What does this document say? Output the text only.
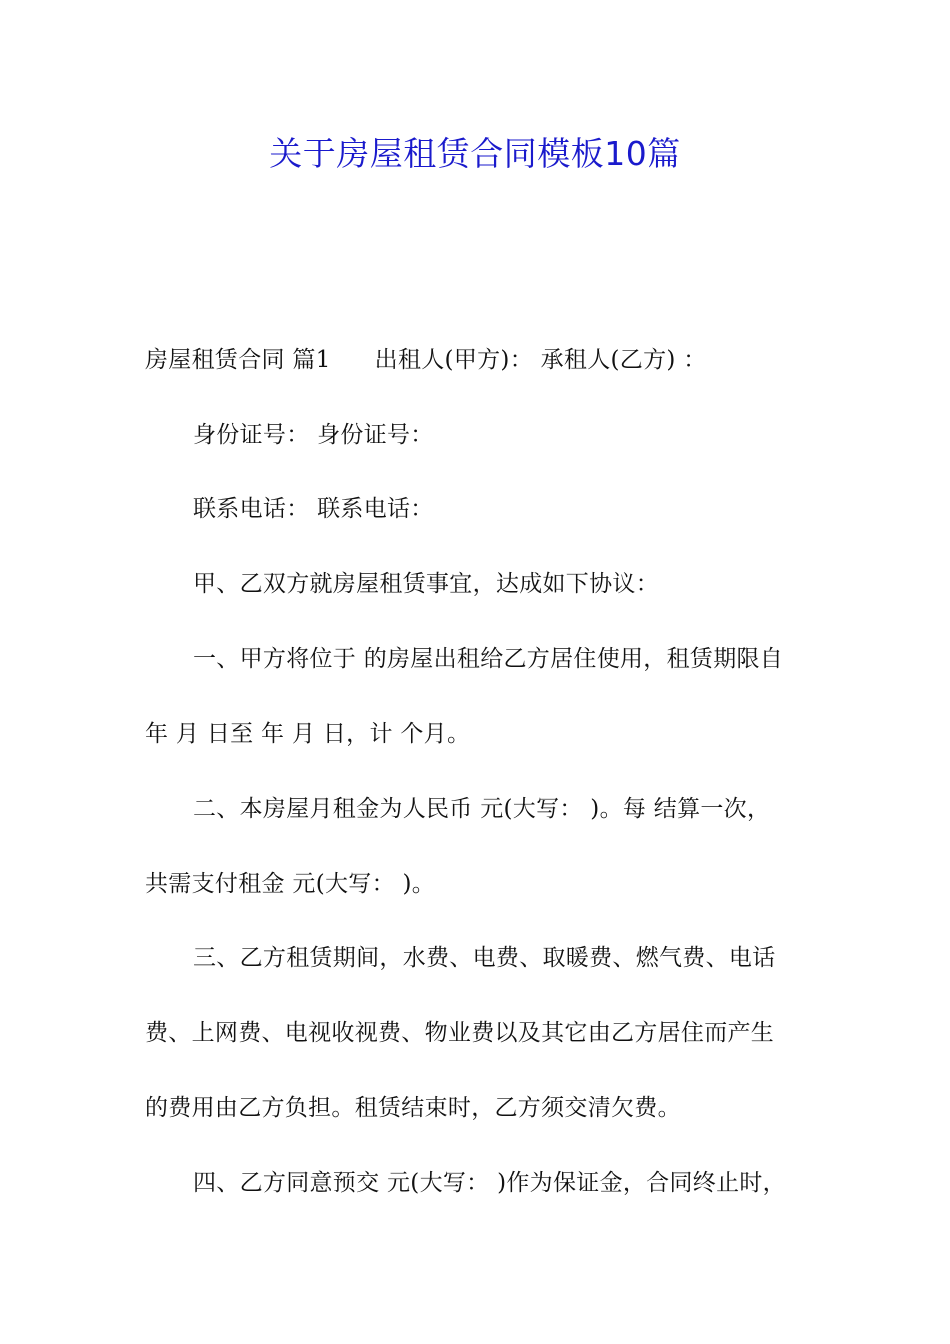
关于房屋租赁合同模板10篇
房屋租赁合同 篇1 出租人(甲方)： 承租人(乙方) ：
身份证号： 身份证号：
联系电话： 联系电话：
甲、乙双方就房屋租赁事宜，达成如下协议：
一、甲方将位于 的房屋出租给乙方居住使用，租赁期限自
年 月 日至 年 月 日，计 个月。
二、本房屋月租金为人民币 元(大写： )。每 结算一次，
共需支付租金 元(大写： )。
三、乙方租赁期间，水费、电费、取暖费、燃气费、电话
费、上网费、电视收视费、物业费以及其它由乙方居住而产生
的费用由乙方负担。租赁结束时，乙方须交清欠费。
四、乙方同意预交 元(大写： )作为保证金，合同终止时，
